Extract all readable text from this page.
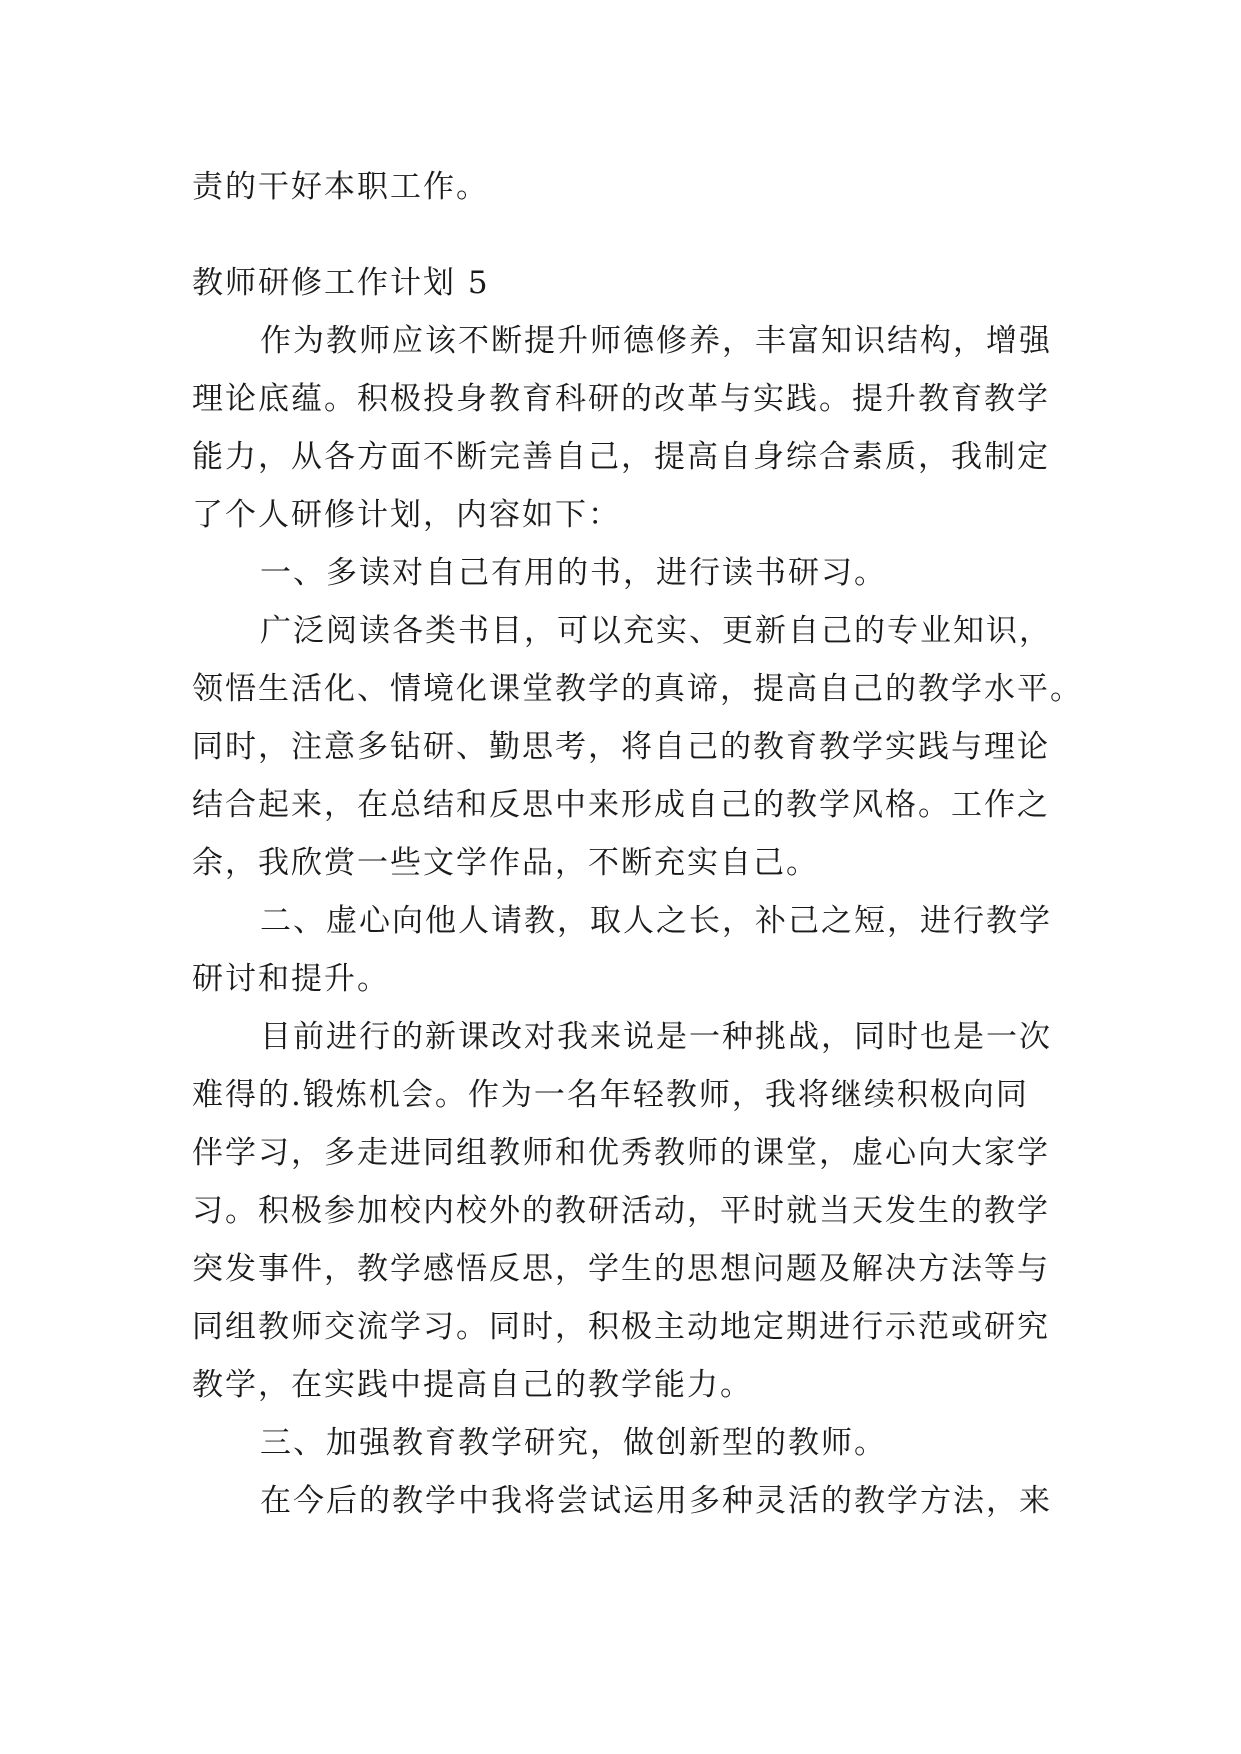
责的干好本职工作。

教师研修工作计划 5

作为教师应该不断提升师德修养，丰富知识结构，增强

理论底蕴。积极投身教育科研的改革与实践。提升教育教学

能力，从各方面不断完善自己，提高自身综合素质，我制定

了个人研修计划，内容如下：

一、多读对自己有用的书，进行读书研习。

广泛阅读各类书目，可以充实、更新自己的专业知识，

领悟生活化、情境化课堂教学的真谛，提高自己的教学水平。

同时，注意多钻研、勤思考，将自己的教育教学实践与理论

结合起来，在总结和反思中来形成自己的教学风格。工作之

余，我欣赏一些文学作品，不断充实自己。

二、虚心向他人请教，取人之长，补己之短，进行教学

研讨和提升。

目前进行的新课改对我来说是一种挑战，同时也是一次

难得的.锻炼机会。作为一名年轻教师，我将继续积极向同

伴学习，多走进同组教师和优秀教师的课堂，虚心向大家学

习。积极参加校内校外的教研活动，平时就当天发生的教学

突发事件，教学感悟反思，学生的思想问题及解决方法等与

同组教师交流学习。同时，积极主动地定期进行示范或研究

教学，在实践中提高自己的教学能力。

三、加强教育教学研究，做创新型的教师。

在今后的教学中我将尝试运用多种灵活的教学方法，来
